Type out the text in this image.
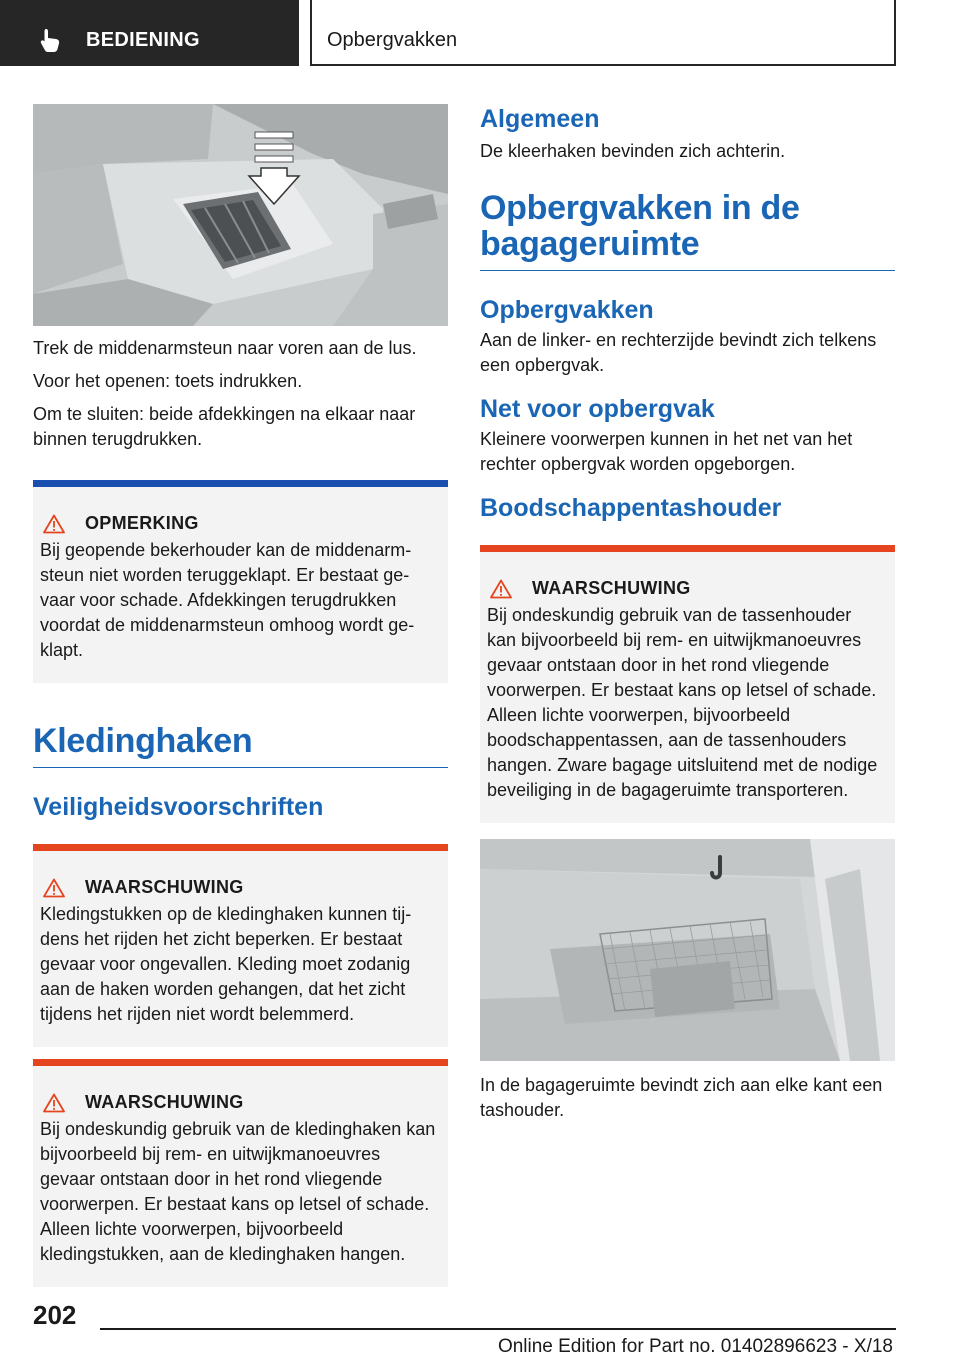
BEDIENING	Opbergvakken

Trek de middenarmsteun naar voren aan de lus.

Voor het openen: toets indrukken.

Om te sluiten: beide afdekkingen na elkaar naar binnen terugdrukken.

OPMERKING

Bij geopende bekerhouder kan de middenarmsteun niet worden teruggeklapt. Er bestaat gevaar voor schade. Afdekkingen terugdrukken voordat de middenarmsteun omhoog wordt geklapt.

Kledinghaken
Veiligheidsvoorschriften
WAARSCHUWING

Kledingstukken op de kledinghaken kunnen tijdens het rijden het zicht beperken. Er bestaat gevaar voor ongevallen. Kleding moet zodanig aan de haken worden gehangen, dat het zicht tijdens het rijden niet wordt belemmerd.

WAARSCHUWING

Bij ondeskundig gebruik van de kledinghaken kan bijvoorbeeld bij rem- en uitwijkmanoeuvres gevaar ontstaan door in het rond vliegende voorwerpen. Er bestaat kans op letsel of schade. Alleen lichte voorwerpen, bijvoorbeeld kledingstukken, aan de kledinghaken hangen.

Algemeen

De kleerhaken bevinden zich achterin.

Opbergvakken in de bagageruimte
Opbergvakken

Aan de linker- en rechterzijde bevindt zich telkens een opbergvak.

Net voor opbergvak

Kleinere voorwerpen kunnen in het net van het rechter opbergvak worden opgeborgen.

Boodschappentashouder
WAARSCHUWING

Bij ondeskundig gebruik van de tassenhouder kan bijvoorbeeld bij rem- en uitwijkmanoeuvres gevaar ontstaan door in het rond vliegende voorwerpen. Er bestaat kans op letsel of schade. Alleen lichte voorwerpen, bijvoorbeeld boodschappentassen, aan de tassenhouders hangen. Zware bagage uitsluitend met de nodige beveiliging in de bagageruimte transporteren.

In de bagageruimte bevindt zich aan elke kant een tashouder.

202
Online Edition for Part no. 01402896623 - X/18
